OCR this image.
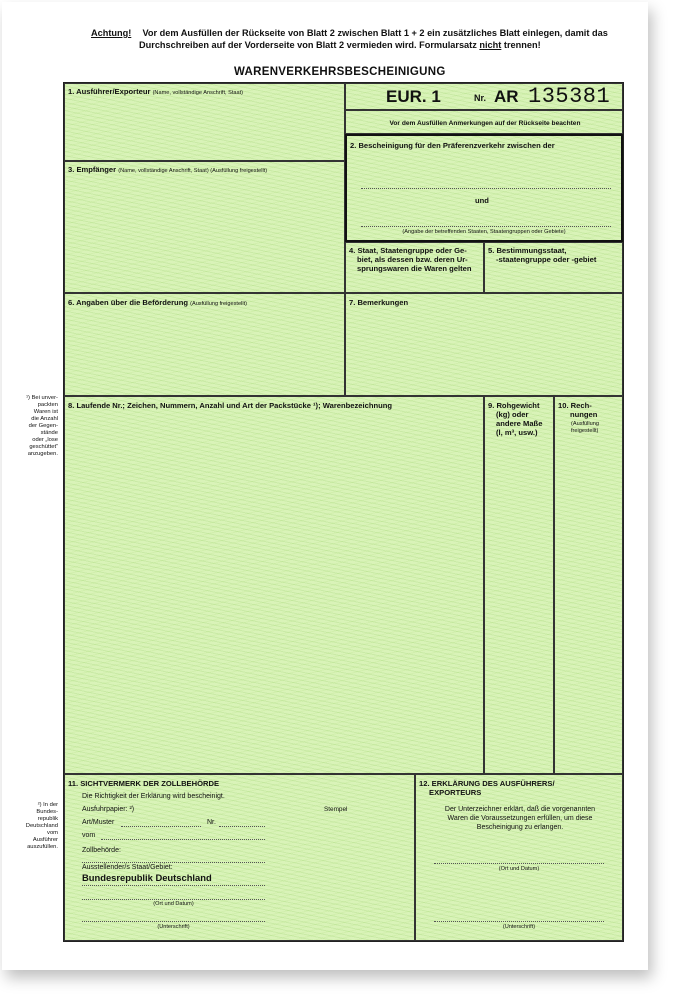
Achtung! Vor dem Ausfüllen der Rückseite von Blatt 2 zwischen Blatt 1 + 2 ein zusätzliches Blatt einlegen, damit das
Durchschreiben auf der Vorderseite von Blatt 2 vermieden wird. Formularsatz nicht trennen!
WARENVERKEHRSBESCHEINIGUNG
¹) Bei unver-
packten
Waren ist
die Anzahl
der Gegen-
stände
oder „lose
geschüttet“
anzugeben.
²) In der
Bundes-
republik
Deutschland
vom
Ausführer
auszufüllen.
1. Ausführer/Exporteur (Name, vollständige Anschrift, Staat)	EUR. 1	Nr. AR 135381
Vor dem Ausfüllen Anmerkungen auf der Rückseite beachten
2. Bescheinigung für den Präferenzverkehr zwischen der
und
(Angabe der betreffenden Staaten, Staatengruppen oder Gebiete)
3. Empfänger (Name, vollständige Anschrift, Staat) (Ausfüllung freigestellt)
4. Staat, Staatengruppe oder Ge-
biet, als dessen bzw. deren Ur-
sprungswaren die Waren gelten
5. Bestimmungsstaat,
-staatengruppe oder -gebiet
6. Angaben über die Beförderung (Ausfüllung freigestellt)	7. Bemerkungen
8. Laufende Nr.; Zeichen, Nummern, Anzahl und Art der Packstücke ¹); Warenbezeichnung	9. Rohgewicht
(kg) oder
andere Maße
(l, m³, usw.)
10. Rech-
nungen
(Ausfüllung
freigestellt)
11. SICHTVERMERK DER ZOLLBEHÖRDE
Die Richtigkeit der Erklärung wird bescheinigt.
Ausfuhrpapier: ²)	Stempel
Art/Muster	Nr.
vom
Zollbehörde:
Ausstellender/s Staat/Gebiet:
Bundesrepublik Deutschland
(Ort und Datum)
(Unterschrift)
12. ERKLÄRUNG DES AUSFÜHRERS/
EXPORTEURS
Der Unterzeichner erklärt, daß die vorgenannten
Waren die Voraussetzungen erfüllen, um diese
Bescheinigung zu erlangen.
(Ort und Datum)
(Unterschrift)
